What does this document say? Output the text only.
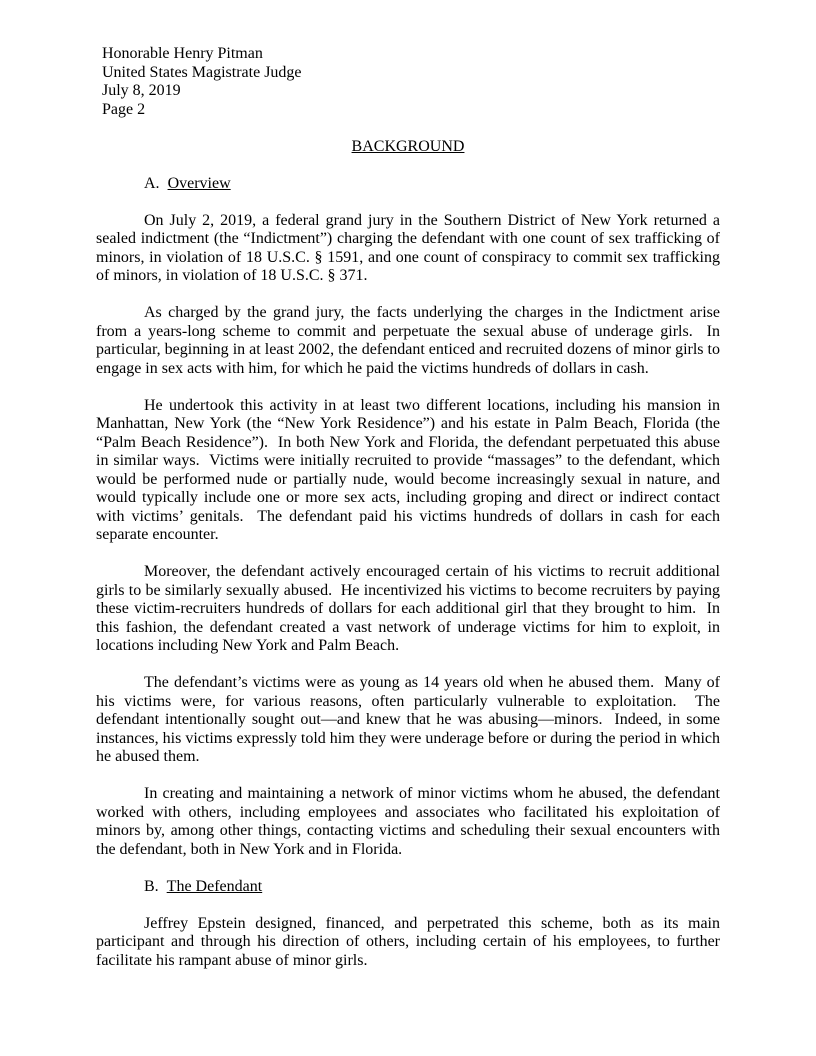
Honorable Henry Pitman
United States Magistrate Judge
July 8, 2019
Page 2
BACKGROUND
A. Overview

On July 2, 2019, a federal grand jury in the Southern District of New York returned a sealed indictment (the “Indictment”) charging the defendant with one count of sex trafficking of minors, in violation of 18 U.S.C. § 1591, and one count of conspiracy to commit sex trafficking of minors, in violation of 18 U.S.C. § 371.

As charged by the grand jury, the facts underlying the charges in the Indictment arise from a years-long scheme to commit and perpetuate the sexual abuse of underage girls.  In particular, beginning in at least 2002, the defendant enticed and recruited dozens of minor girls to engage in sex acts with him, for which he paid the victims hundreds of dollars in cash.

He undertook this activity in at least two different locations, including his mansion in Manhattan, New York (the “New York Residence”) and his estate in Palm Beach, Florida (the “Palm Beach Residence”).  In both New York and Florida, the defendant perpetuated this abuse in similar ways.  Victims were initially recruited to provide “massages” to the defendant, which would be performed nude or partially nude, would become increasingly sexual in nature, and would typically include one or more sex acts, including groping and direct or indirect contact with victims’ genitals.  The defendant paid his victims hundreds of dollars in cash for each separate encounter.

Moreover, the defendant actively encouraged certain of his victims to recruit additional girls to be similarly sexually abused.  He incentivized his victims to become recruiters by paying these victim-recruiters hundreds of dollars for each additional girl that they brought to him.  In this fashion, the defendant created a vast network of underage victims for him to exploit, in locations including New York and Palm Beach.

The defendant’s victims were as young as 14 years old when he abused them.  Many of his victims were, for various reasons, often particularly vulnerable to exploitation.  The defendant intentionally sought out—and knew that he was abusing—minors.  Indeed, in some instances, his victims expressly told him they were underage before or during the period in which he abused them.

In creating and maintaining a network of minor victims whom he abused, the defendant worked with others, including employees and associates who facilitated his exploitation of minors by, among other things, contacting victims and scheduling their sexual encounters with the defendant, both in New York and in Florida.

B. The Defendant

Jeffrey Epstein designed, financed, and perpetrated this scheme, both as its main participant and through his direction of others, including certain of his employees, to further facilitate his rampant abuse of minor girls.
